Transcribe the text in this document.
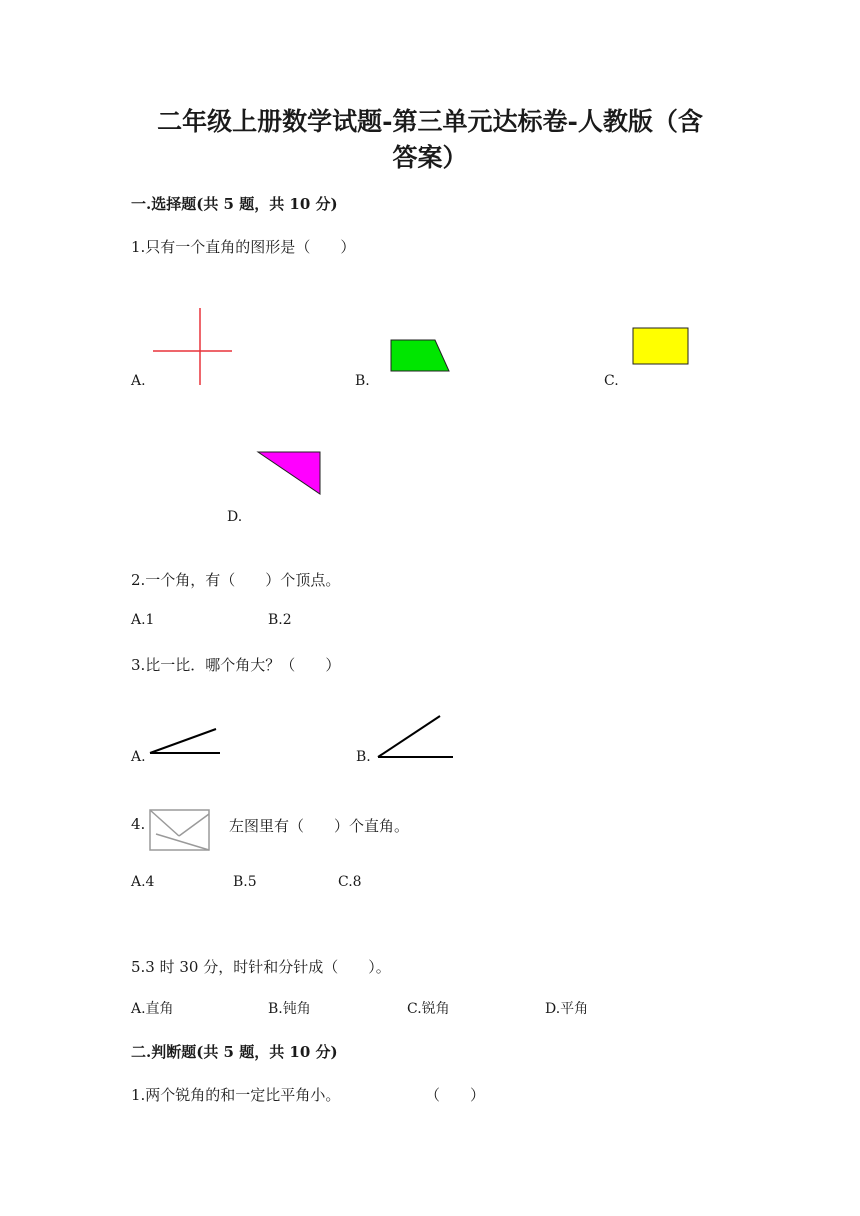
二年级上册数学试题-第三单元达标卷-人教版（含
答案）
一.选择题(共 5 题，共 10 分)
1.只有一个直角的图形是（　　）
A.	B.	C.
D.
2.一个角，有（　　）个顶点。
A.1	B.2
3.比一比．哪个角大？（　　）
A.	B.
4.	左图里有（　　）个直角。
A.4	B.5	C.8
5.3 时 30 分，时针和分针成（　　）。
A.直角	B.钝角	C.锐角	D.平角
二.判断题(共 5 题，共 10 分)
1.两个锐角的和一定比平角小。	（　　）
